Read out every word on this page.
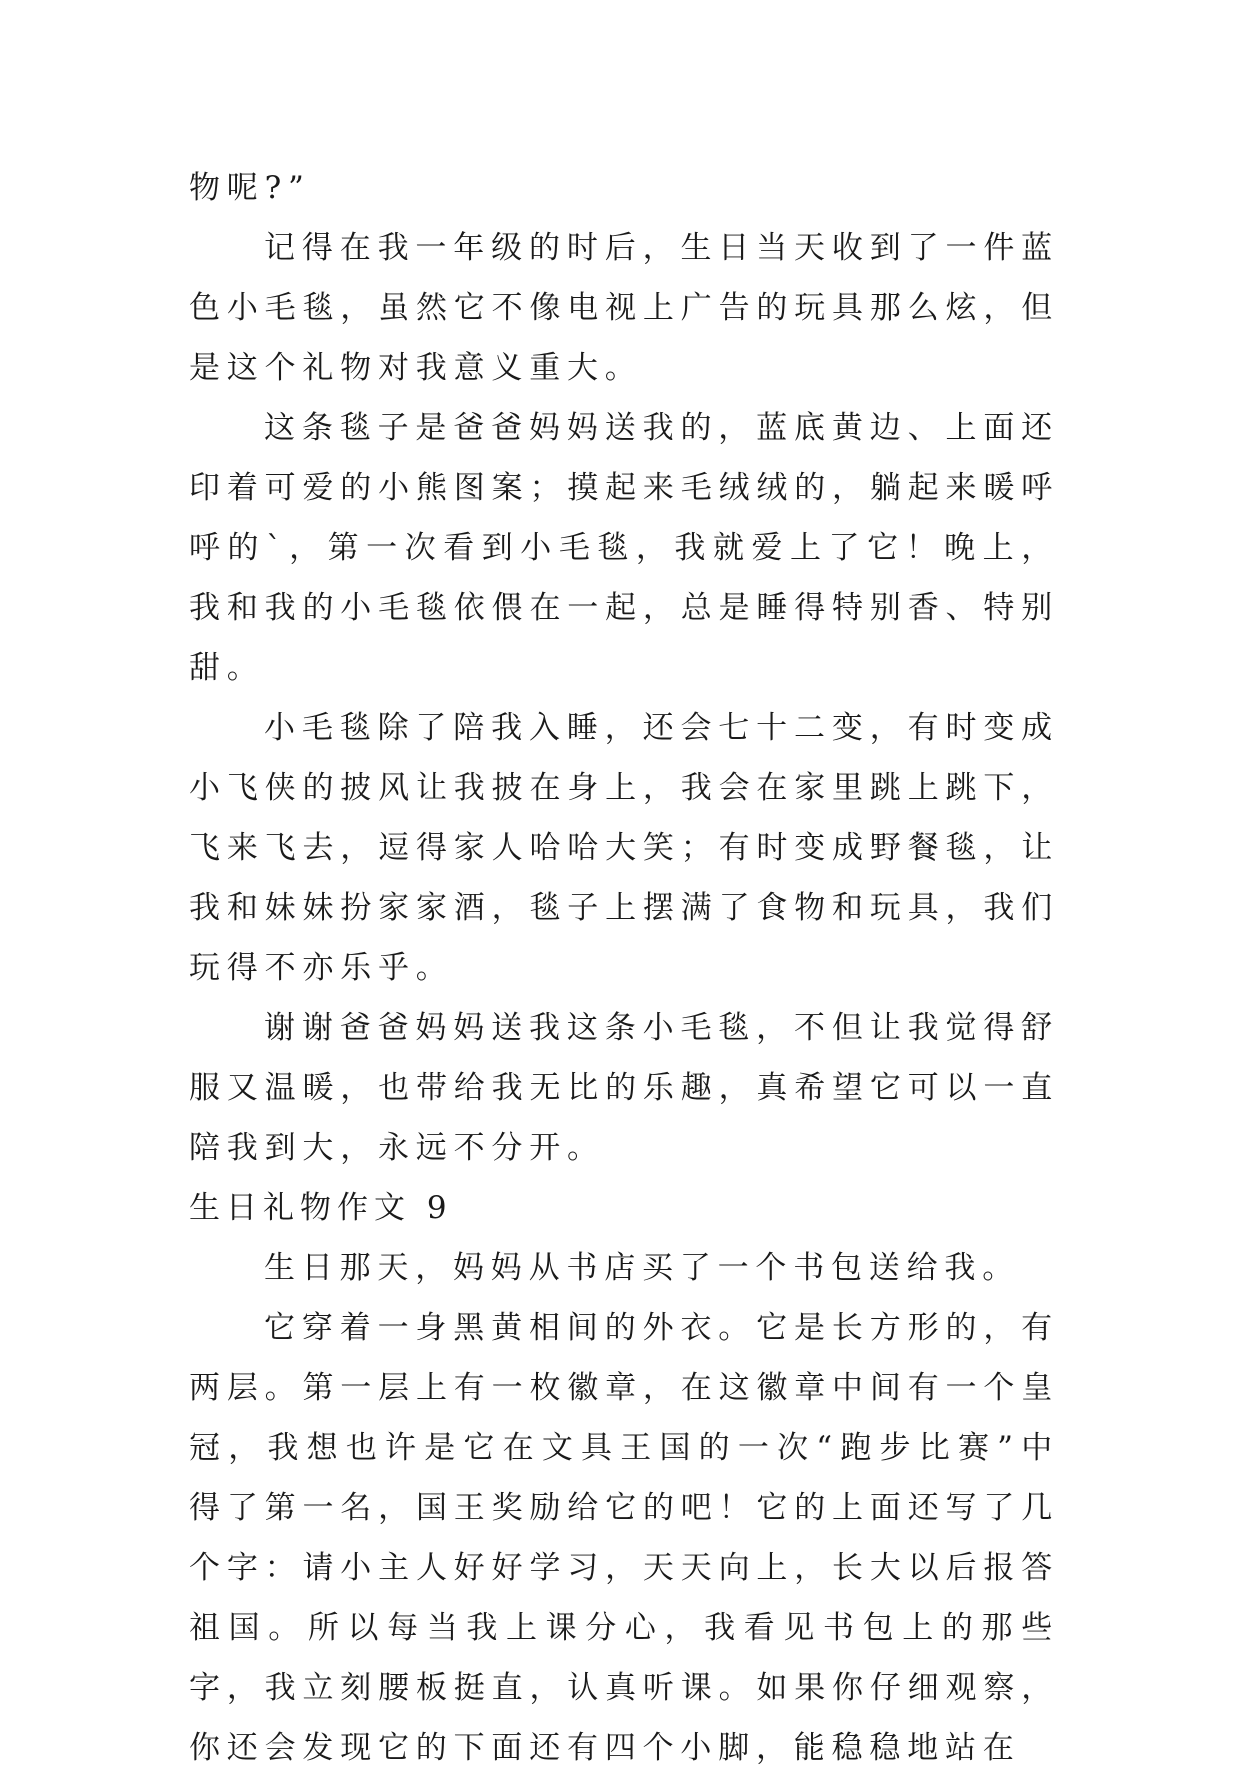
物呢?”

记得在我一年级的时后，生日当天收到了一件蓝色小毛毯，虽然它不像电视上广告的玩具那么炫，但是这个礼物对我意义重大。

这条毯子是爸爸妈妈送我的，蓝底黄边、上面还印着可爱的小熊图案；摸起来毛绒绒的，躺起来暖呼呼的`，第一次看到小毛毯，我就爱上了它！晚上，我和我的小毛毯依偎在一起，总是睡得特别香、特别甜。

小毛毯除了陪我入睡，还会七十二变，有时变成小飞侠的披风让我披在身上，我会在家里跳上跳下，飞来飞去，逗得家人哈哈大笑；有时变成野餐毯，让我和妹妹扮家家酒，毯子上摆满了食物和玩具，我们玩得不亦乐乎。

谢谢爸爸妈妈送我这条小毛毯，不但让我觉得舒服又温暖，也带给我无比的乐趣，真希望它可以一直陪我到大，永远不分开。

生日礼物作文 9

生日那天，妈妈从书店买了一个书包送给我。

它穿着一身黑黄相间的外衣。它是长方形的，有两层。第一层上有一枚徽章，在这徽章中间有一个皇冠，我想也许是它在文具王国的一次“跑步比赛”中得了第一名，国王奖励给它的吧！它的上面还写了几个字：请小主人好好学习，天天向上，长大以后报答祖国。所以每当我上课分心，我看见书包上的那些字，我立刻腰板挺直，认真听课。如果你仔细观察，你还会发现它的下面还有四个小脚，能稳稳地站在
